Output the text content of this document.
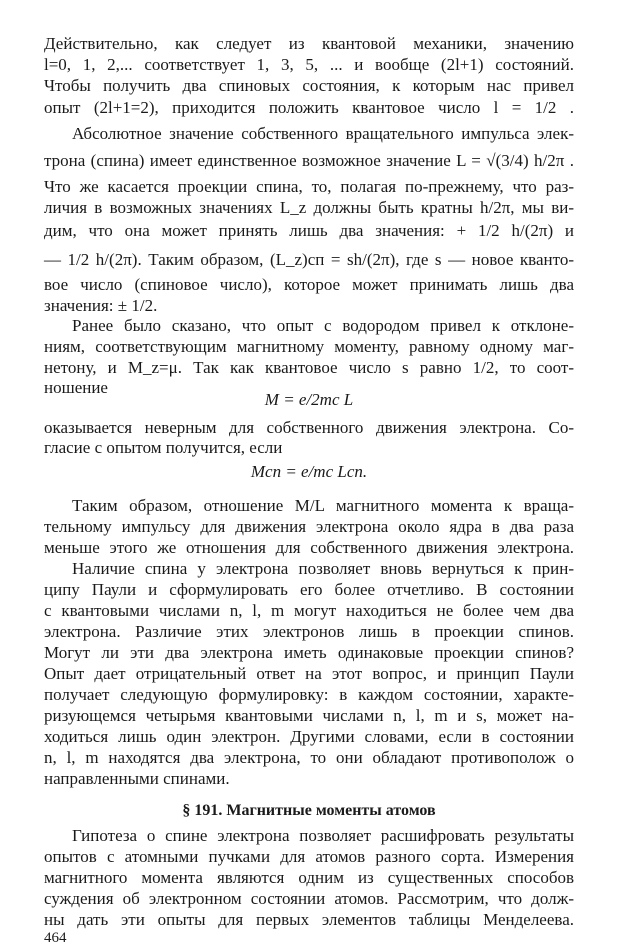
Действительно, как следует из квантовой механики, значению
l=0, 1, 2,... соответствует 1, 3, 5, ... и вообще (2l+1) состояний.
Чтобы получить два спиновых состояния, к которым нас привел
опыт (2l+1=2), приходится положить квантовое число l = 1/2 .
Абсолютное значение собственного вращательного импульса элек-
трона (спина) имеет единственное возможное значение L = √(3/4) h/2π .
Что же касается проекции спина, то, полагая по-прежнему, что раз-
личия в возможных значениях L_z должны быть кратны h/2π, мы ви-
дим, что она может принять лишь два значения: + 1/2 h/(2π) и
— 1/2 h/(2π). Таким образом, (L_z)сп = sh/(2π), где s — новое кванто-
вое число (спиновое число), которое может принимать лишь два
значения: ± 1/2.
Ранее было сказано, что опыт с водородом привел к отклоне-
ниям, соответствующим магнитному моменту, равному одному маг-
нетону, и M_z=μ. Так как квантовое число s равно 1/2, то соот-
ношение
M = e/2mc L
оказывается неверным для собственного движения электрона. Со-
гласие с опытом получится, если
Mсп = e/mc Lсп.
Таким образом, отношение M/L магнитного момента к враща-
тельному импульсу для движения электрона около ядра в два раза
меньше этого же отношения для собственного движения электрона.
Наличие спина у электрона позволяет вновь вернуться к прин-
ципу Паули и сформулировать его более отчетливо. В состоянии
с квантовыми числами n, l, m могут находиться не более чем два
электрона. Различие этих электронов лишь в проекции спинов.
Могут ли эти два электрона иметь одинаковые проекции спинов?
Опыт дает отрицательный ответ на этот вопрос, и принцип Паули
получает следующую формулировку: в каждом состоянии, характе-
ризующемся четырьмя квантовыми числами n, l, m и s, может на-
ходиться лишь один электрон. Другими словами, если в состоянии
n, l, m находятся два электрона, то они обладают противополож о
направленными спинами.
§ 191. Магнитные моменты атомов
Гипотеза о спине электрона позволяет расшифровать результаты
опытов с атомными пучками для атомов разного сорта. Измерения
магнитного момента являются одним из существенных способов
суждения об электронном состоянии атомов. Рассмотрим, что долж-
ны дать эти опыты для первых элементов таблицы Менделеева.
464
